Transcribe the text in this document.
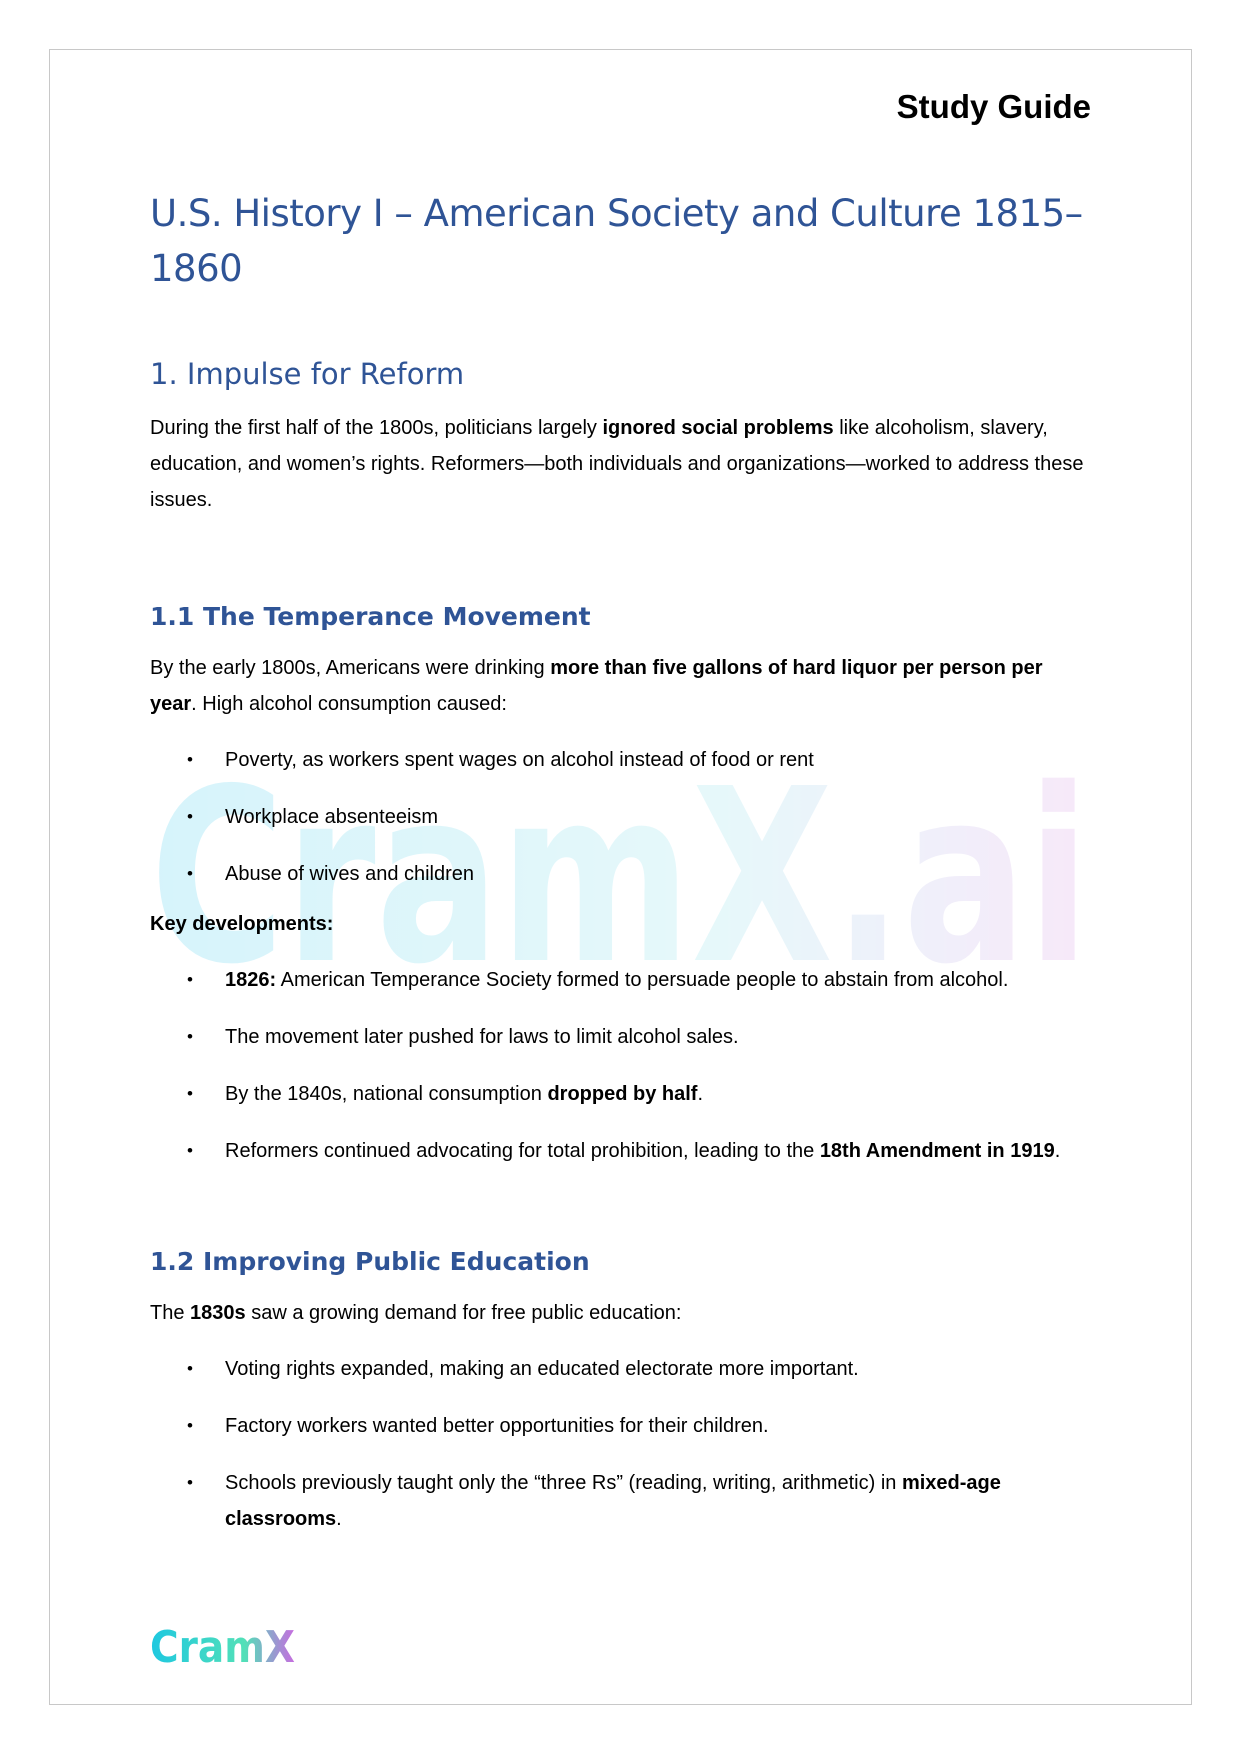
Study Guide
CramX.ai
U.S. History I – American Society and Culture 1815–1860
1. Impulse for Reform

During the first half of the 1800s, politicians largely ignored social problems like alcoholism, slavery, education, and women’s rights. Reformers—both individuals and organizations—worked to address these issues.

1.1 The Temperance Movement

By the early 1800s, Americans were drinking more than five gallons of hard liquor per person per year. High alcohol consumption caused:

• Poverty, as workers spent wages on alcohol instead of food or rent
• Workplace absenteeism
• Abuse of wives and children

Key developments:

• 1826: American Temperance Society formed to persuade people to abstain from alcohol.
• The movement later pushed for laws to limit alcohol sales.
• By the 1840s, national consumption dropped by half.
• Reformers continued advocating for total prohibition, leading to the 18th Amendment in 1919.
1.2 Improving Public Education

The 1830s saw a growing demand for free public education:

• Voting rights expanded, making an educated electorate more important.
• Factory workers wanted better opportunities for their children.
• Schools previously taught only the “three Rs” (reading, writing, arithmetic) in mixed-age classrooms.
CramX
